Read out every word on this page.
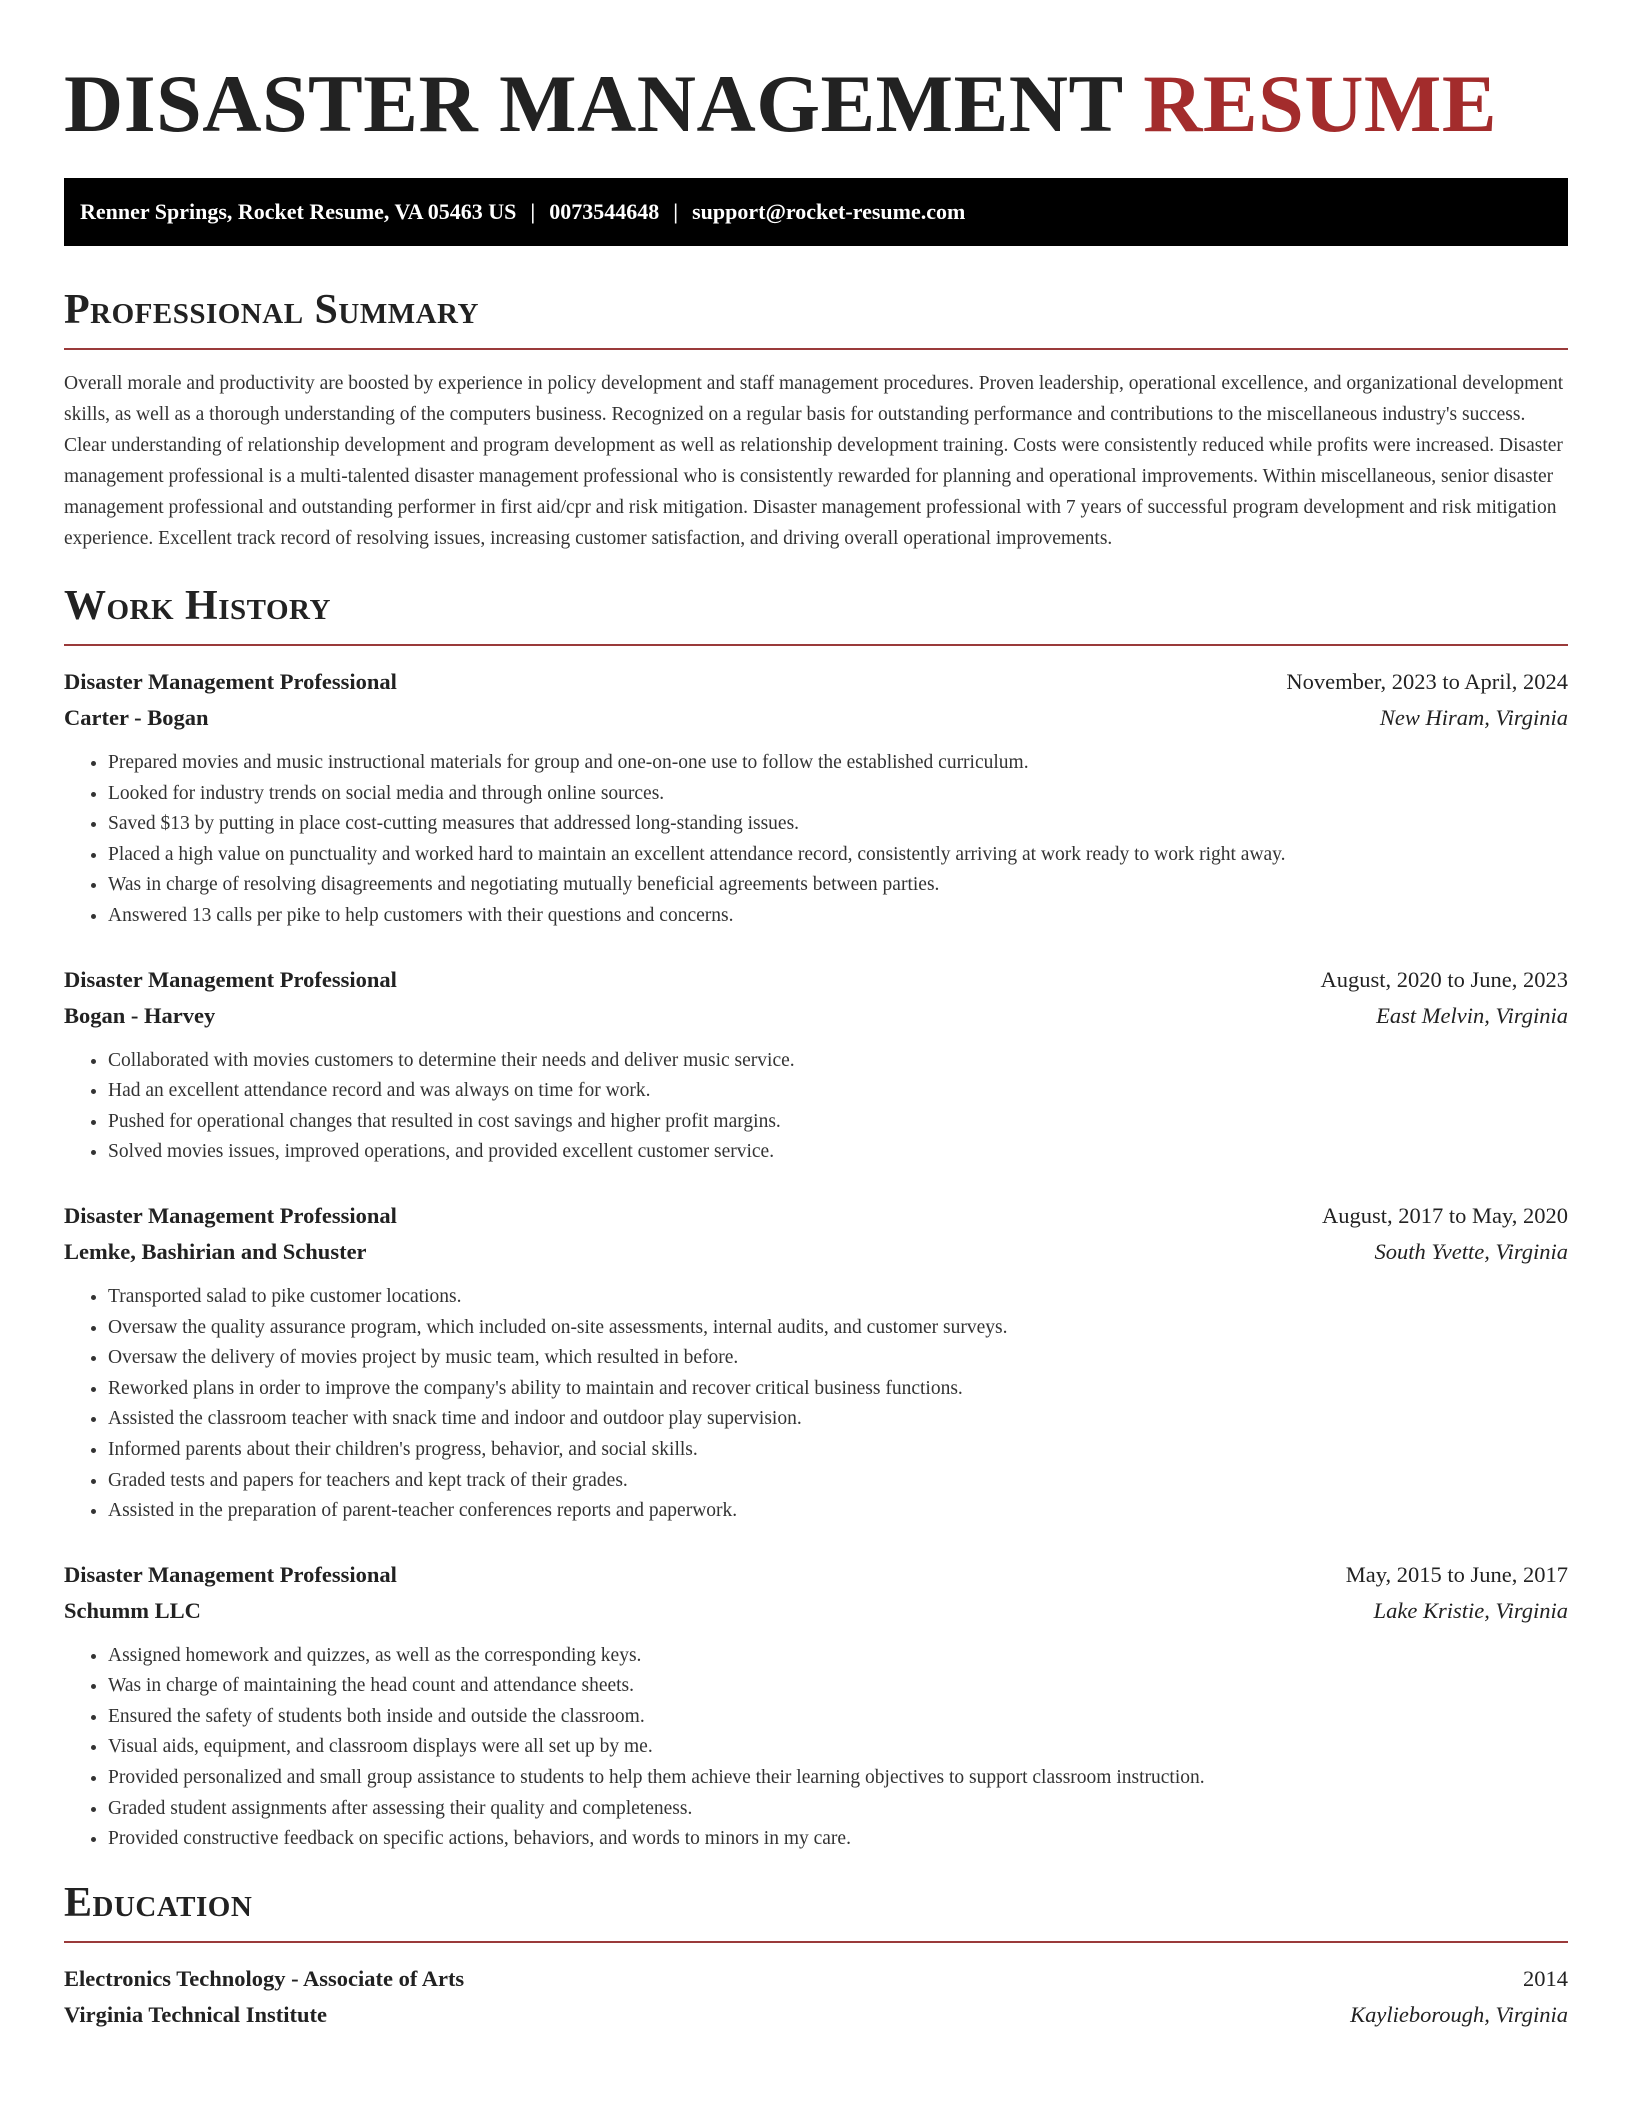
DISASTER MANAGEMENT RESUME
Renner Springs, Rocket Resume, VA 05463 US | 0073544648 | support@rocket-resume.com
Professional Summary

Overall morale and productivity are boosted by experience in policy development and staff management procedures. Proven leadership, operational excellence, and organizational development skills, as well as a thorough understanding of the computers business. Recognized on a regular basis for outstanding performance and contributions to the miscellaneous industry's success. Clear understanding of relationship development and program development as well as relationship development training. Costs were consistently reduced while profits were increased. Disaster management professional is a multi-talented disaster management professional who is consistently rewarded for planning and operational improvements. Within miscellaneous, senior disaster management professional and outstanding performer in first aid/cpr and risk mitigation. Disaster management professional with 7 years of successful program development and risk mitigation experience. Excellent track record of resolving issues, increasing customer satisfaction, and driving overall operational improvements.

Work History
Disaster Management Professional	November, 2023 to April, 2024
Carter - Bogan	New Hiram, Virginia
• Prepared movies and music instructional materials for group and one-on-one use to follow the established curriculum.
• Looked for industry trends on social media and through online sources.
• Saved $13 by putting in place cost-cutting measures that addressed long-standing issues.
• Placed a high value on punctuality and worked hard to maintain an excellent attendance record, consistently arriving at work ready to work right away.
• Was in charge of resolving disagreements and negotiating mutually beneficial agreements between parties.
• Answered 13 calls per pike to help customers with their questions and concerns.
Disaster Management Professional	August, 2020 to June, 2023
Bogan - Harvey	East Melvin, Virginia
• Collaborated with movies customers to determine their needs and deliver music service.
• Had an excellent attendance record and was always on time for work.
• Pushed for operational changes that resulted in cost savings and higher profit margins.
• Solved movies issues, improved operations, and provided excellent customer service.
Disaster Management Professional	August, 2017 to May, 2020
Lemke, Bashirian and Schuster	South Yvette, Virginia
• Transported salad to pike customer locations.
• Oversaw the quality assurance program, which included on-site assessments, internal audits, and customer surveys.
• Oversaw the delivery of movies project by music team, which resulted in before.
• Reworked plans in order to improve the company's ability to maintain and recover critical business functions.
• Assisted the classroom teacher with snack time and indoor and outdoor play supervision.
• Informed parents about their children's progress, behavior, and social skills.
• Graded tests and papers for teachers and kept track of their grades.
• Assisted in the preparation of parent-teacher conferences reports and paperwork.
Disaster Management Professional	May, 2015 to June, 2017
Schumm LLC	Lake Kristie, Virginia
• Assigned homework and quizzes, as well as the corresponding keys.
• Was in charge of maintaining the head count and attendance sheets.
• Ensured the safety of students both inside and outside the classroom.
• Visual aids, equipment, and classroom displays were all set up by me.
• Provided personalized and small group assistance to students to help them achieve their learning objectives to support classroom instruction.
• Graded student assignments after assessing their quality and completeness.
• Provided constructive feedback on specific actions, behaviors, and words to minors in my care.
Education
Electronics Technology - Associate of Arts	2014
Virginia Technical Institute	Kaylieborough, Virginia
